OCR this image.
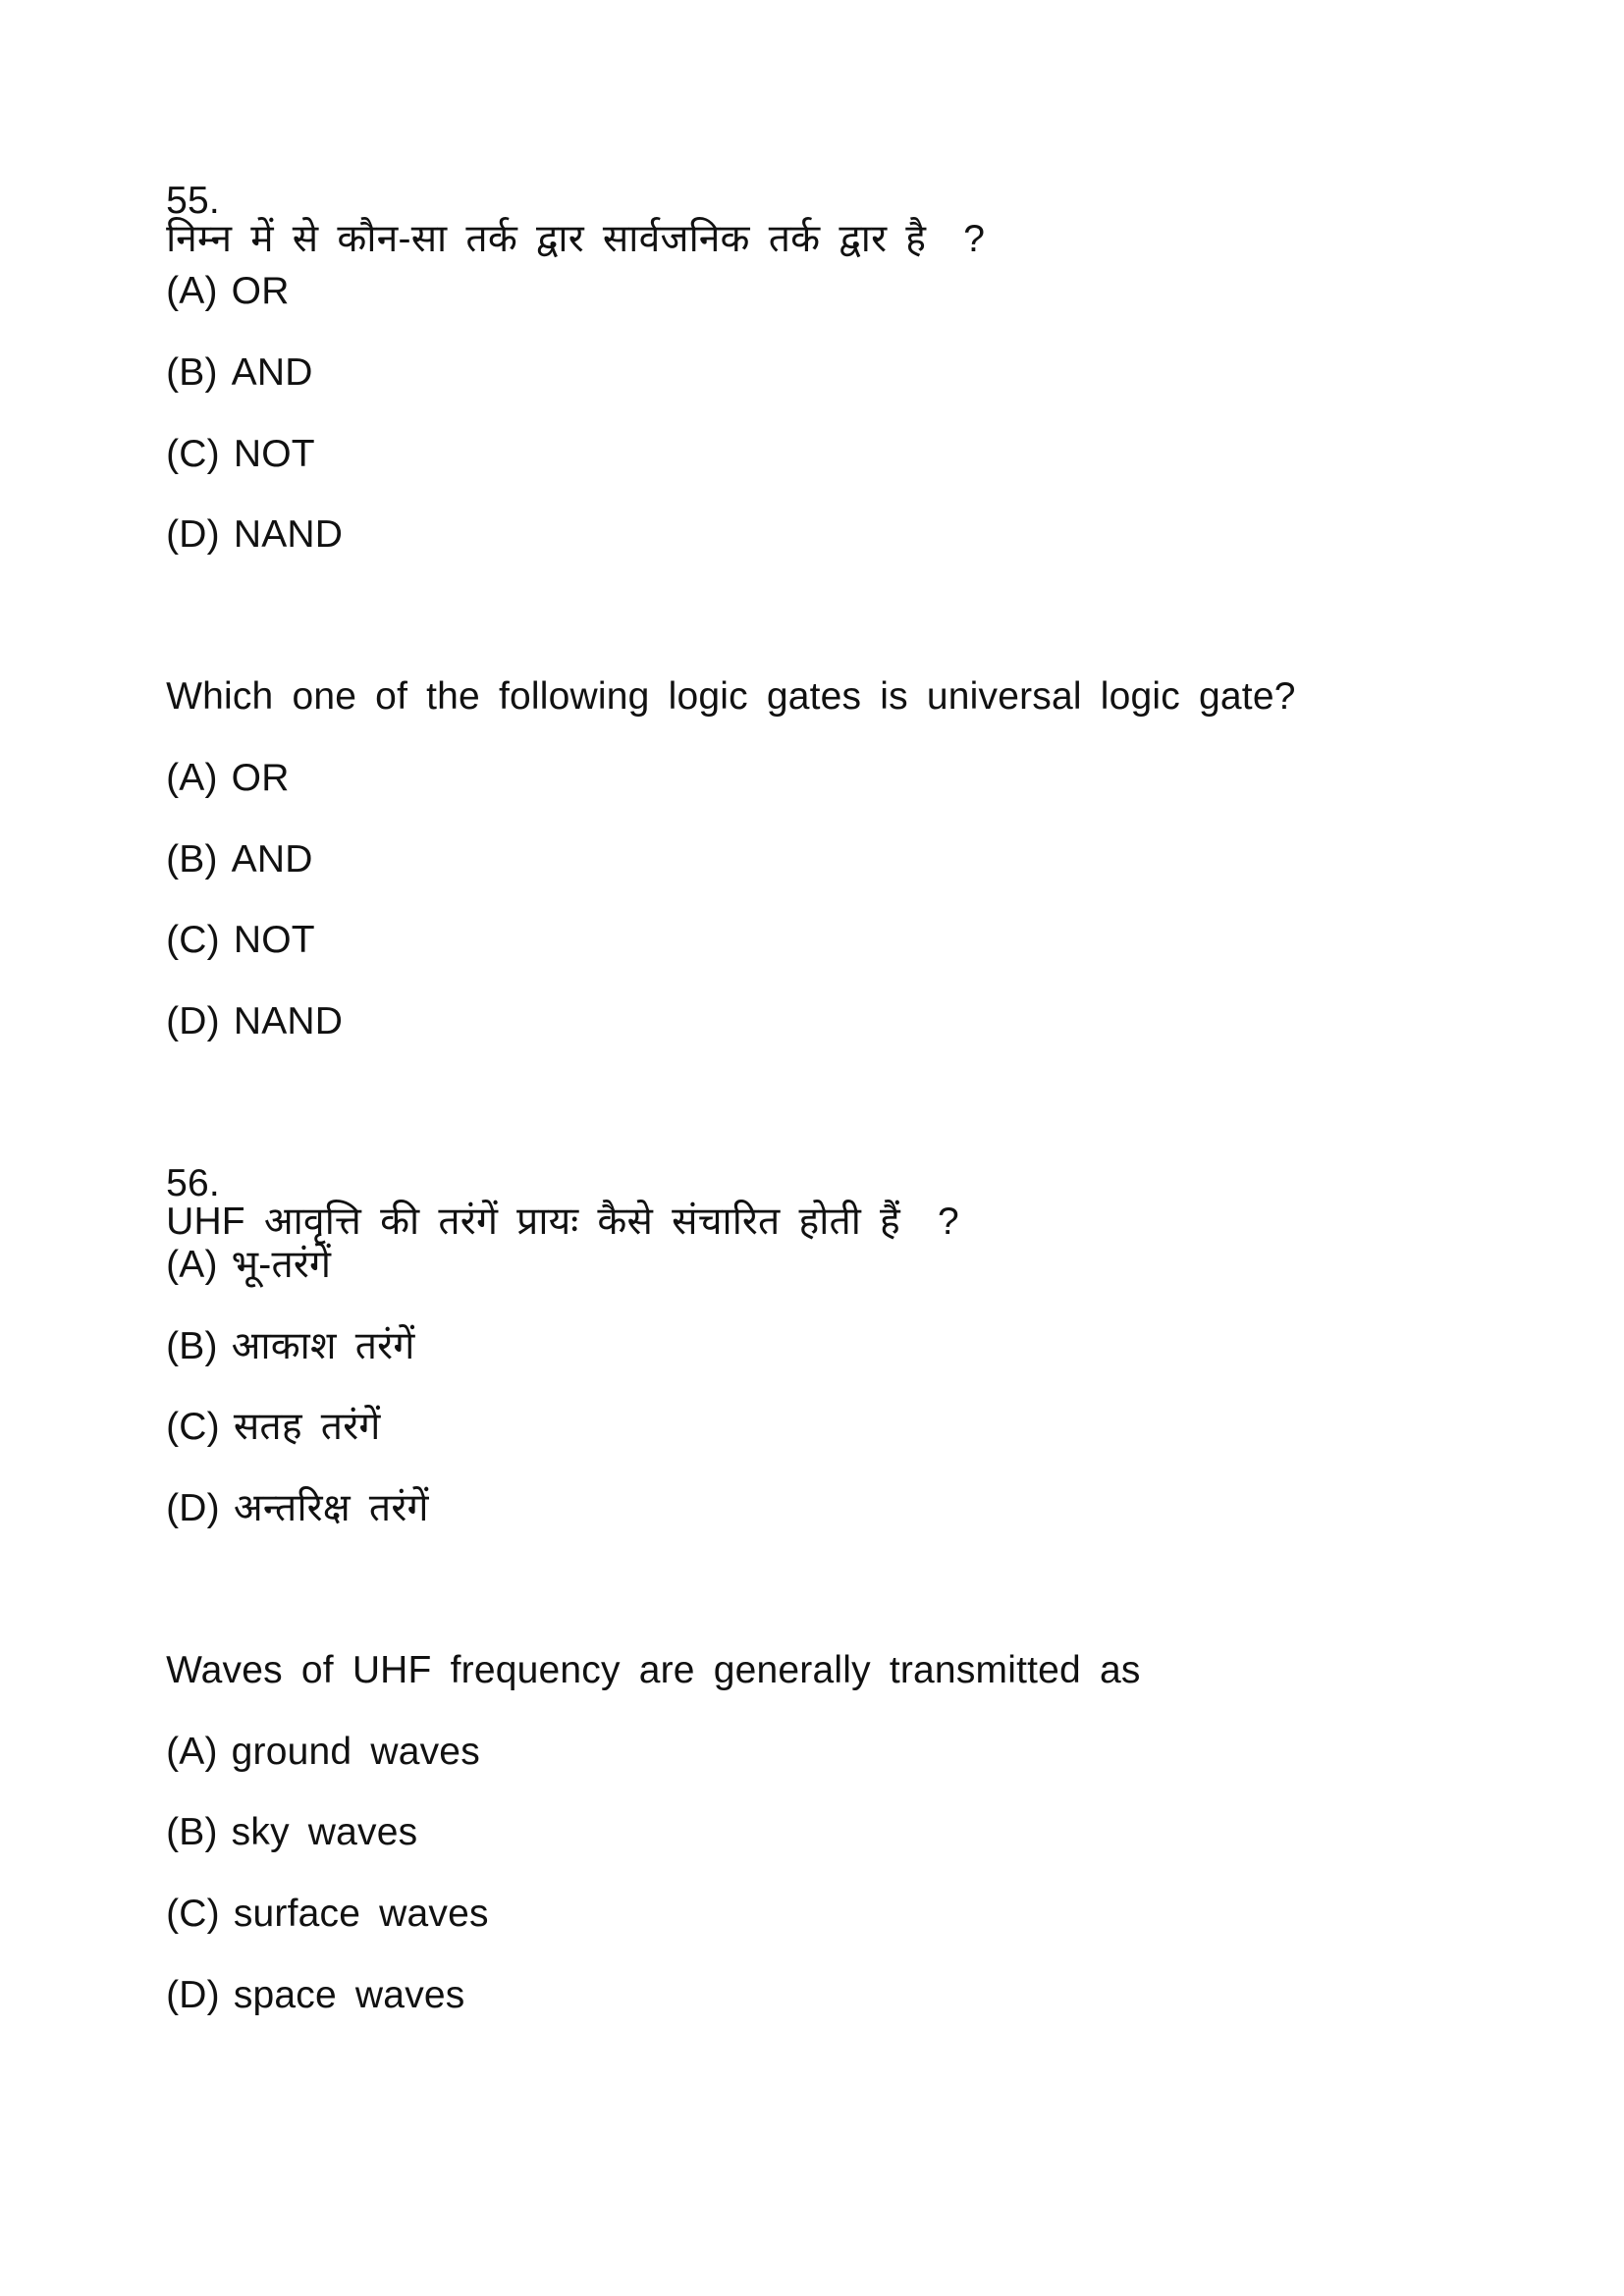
55.
निम्न में से कौन-सा तर्क द्वार सार्वजनिक तर्क द्वार है  ?

(A) OR

(B) AND

(C) NOT

(D) NAND

Which one of the following logic gates is universal logic gate?

(A) OR

(B) AND

(C) NOT

(D) NAND

56.
UHF आवृत्ति की तरंगें प्रायः कैसे संचारित होती हैं  ?

(A) भू-तरंगें

(B) आकाश तरंगें

(C) सतह तरंगें

(D) अन्तरिक्ष तरंगें

Waves of UHF frequency are generally transmitted as

(A) ground waves

(B) sky waves

(C) surface waves

(D) space waves
